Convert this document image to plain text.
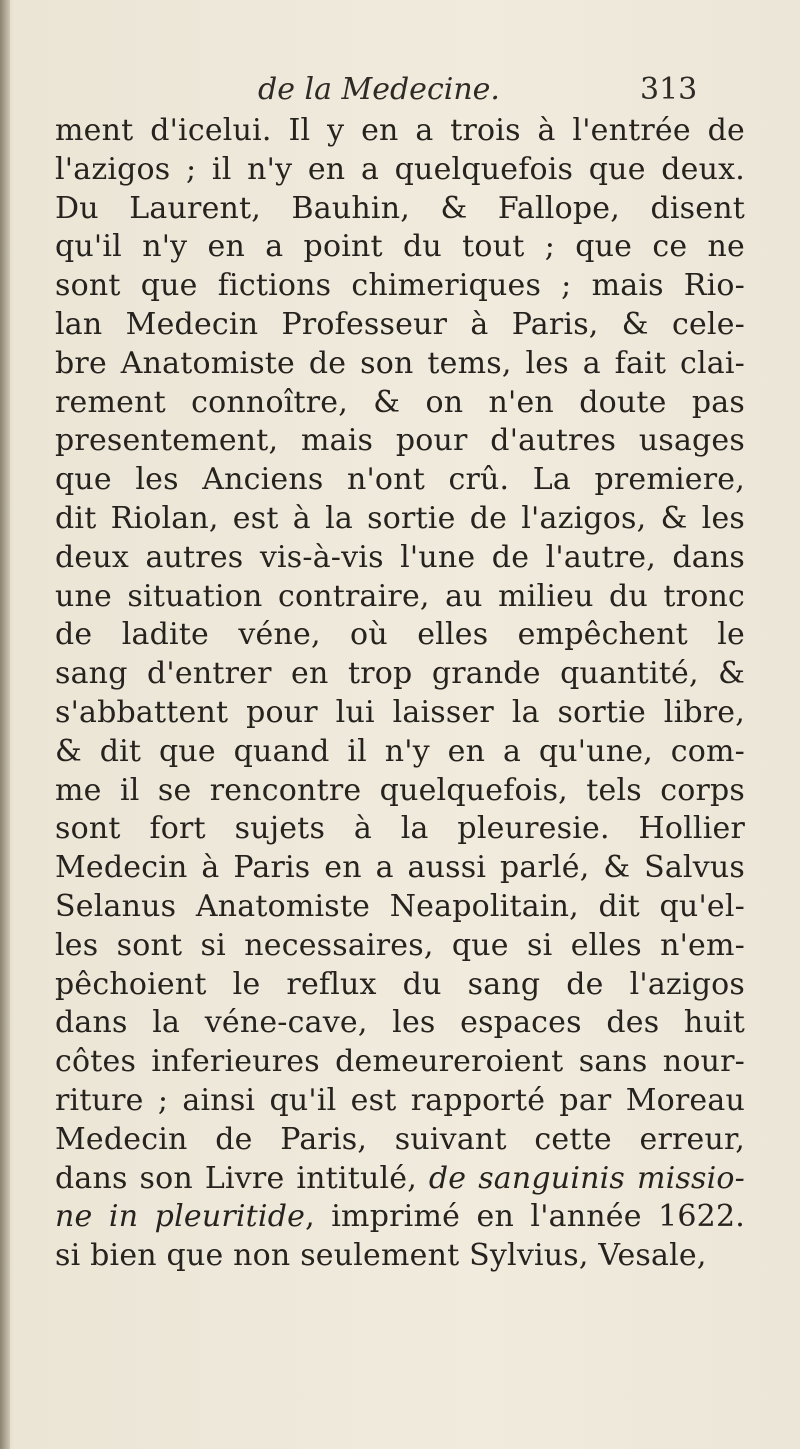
de la Medecine.	313
ment d'icelui. Il y en a trois à l'entrée de
l'azigos ; il n'y en a quelquefois que deux.
Du Laurent, Bauhin, & Fallope, disent
qu'il n'y en a point du tout ; que ce ne
sont que fictions chimeriques ; mais Rio-
lan Medecin Professeur à Paris, & cele-
bre Anatomiste de son tems, les a fait clai-
rement connoître, & on n'en doute pas
presentement, mais pour d'autres usages
que les Anciens n'ont crû. La premiere,
dit Riolan, est à la sortie de l'azigos, & les
deux autres vis-à-vis l'une de l'autre, dans
une situation contraire, au milieu du tronc
de ladite véne, où elles empêchent le
sang d'entrer en trop grande quantité, &
s'abbattent pour lui laisser la sortie libre,
& dit que quand il n'y en a qu'une, com-
me il se rencontre quelquefois, tels corps
sont fort sujets à la pleuresie. Hollier
Medecin à Paris en a aussi parlé, & Salvus
Selanus Anatomiste Neapolitain, dit qu'el-
les sont si necessaires, que si elles n'em-
pêchoient le reflux du sang de l'azigos
dans la véne-cave, les espaces des huit
côtes inferieures demeureroient sans nour-
riture ; ainsi qu'il est rapporté par Moreau
Medecin de Paris, suivant cette erreur,
dans son Livre intitulé, de sanguinis missio-
ne in pleuritide, imprimé en l'année 1622.
si bien que non seulement Sylvius, Vesale,
